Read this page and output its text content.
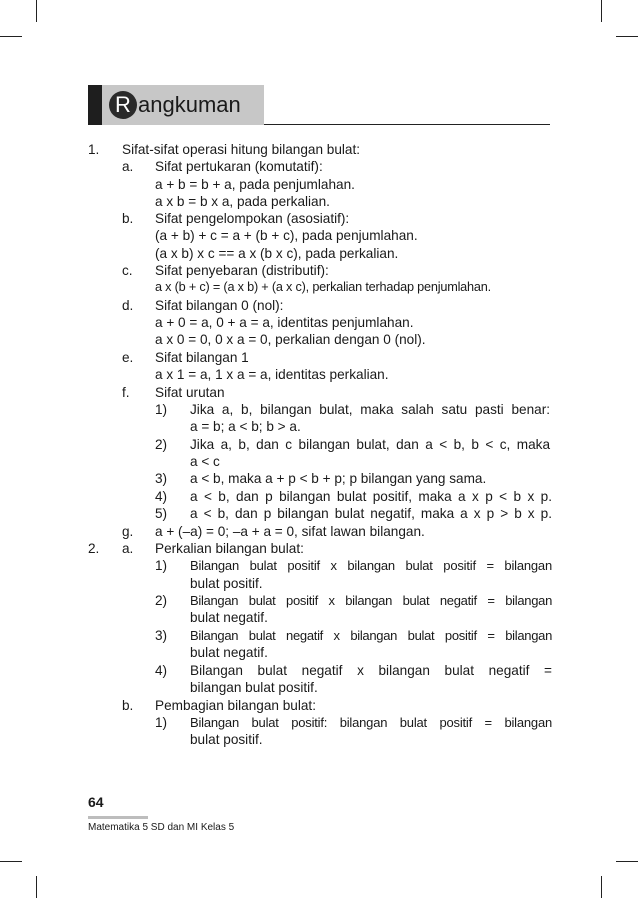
R angkuman
1. Sifat-sifat operasi hitung bilangan bulat:
a. Sifat pertukaran (komutatif):
a + b = b + a, pada penjumlahan.
a x b = b x a, pada perkalian.
b. Sifat pengelompokan (asosiatif):
(a + b) + c = a + (b + c), pada penjumlahan.
(a x b) x c == a x (b x c), pada perkalian.
c. Sifat penyebaran (distributif):
a x (b + c) = (a x b) + (a x c), perkalian terhadap penjumlahan.
d. Sifat bilangan 0 (nol):
a + 0 = a, 0 + a = a, identitas penjumlahan.
a x 0 = 0, 0 x a = 0, perkalian dengan 0 (nol).
e. Sifat bilangan 1
a x 1 = a, 1 x a = a, identitas perkalian.
f. Sifat urutan
1) Jika a, b, bilangan bulat, maka salah satu pasti benar:
a = b; a < b; b > a.
2) Jika a, b, dan c bilangan bulat, dan a < b, b < c, maka
a < c
3) a < b, maka a + p < b + p; p bilangan yang sama.
4) a < b, dan p bilangan bulat positif, maka a x p < b x p.
5) a < b, dan p bilangan bulat negatif, maka a x p > b x p.
g. a + (–a) = 0; –a + a = 0, sifat lawan bilangan.
2. a. Perkalian bilangan bulat:
1) Bilangan bulat positif x bilangan bulat positif = bilangan
bulat positif.
2) Bilangan bulat positif x bilangan bulat negatif = bilangan
bulat negatif.
3) Bilangan bulat negatif x bilangan bulat positif = bilangan
bulat negatif.
4) Bilangan bulat negatif x bilangan bulat negatif =
bilangan bulat positif.
b. Pembagian bilangan bulat:
1) Bilangan bulat positif: bilangan bulat positif = bilangan
bulat positif.
64
Matematika 5 SD dan MI Kelas 5
